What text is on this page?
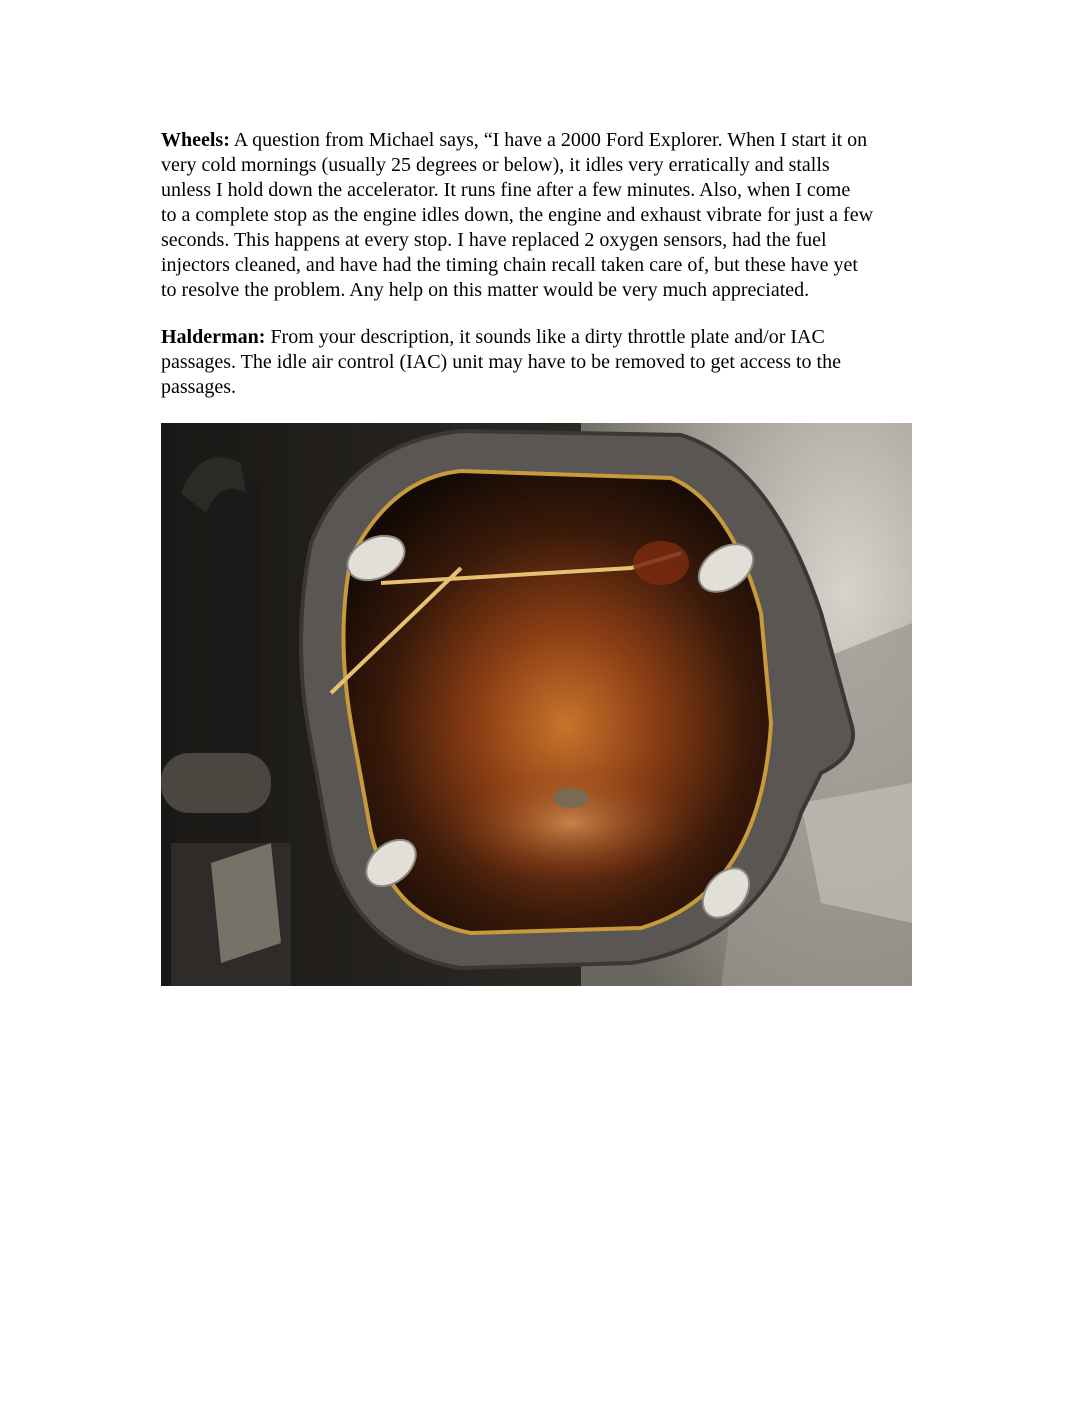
Wheels: A question from Michael says, “I have a 2000 Ford Explorer. When I start it on
very cold mornings (usually 25 degrees or below), it idles very erratically and stalls
unless I hold down the accelerator. It runs fine after a few minutes. Also, when I come
to a complete stop as the engine idles down, the engine and exhaust vibrate for just a few
seconds. This happens at every stop. I have replaced 2 oxygen sensors, had the fuel
injectors cleaned, and have had the timing chain recall taken care of, but these have yet
to resolve the problem. Any help on this matter would be very much appreciated.

Halderman: From your description, it sounds like a dirty throttle plate and/or IAC
passages. The idle air control (IAC) unit may have to be removed to get access to the
passages.
